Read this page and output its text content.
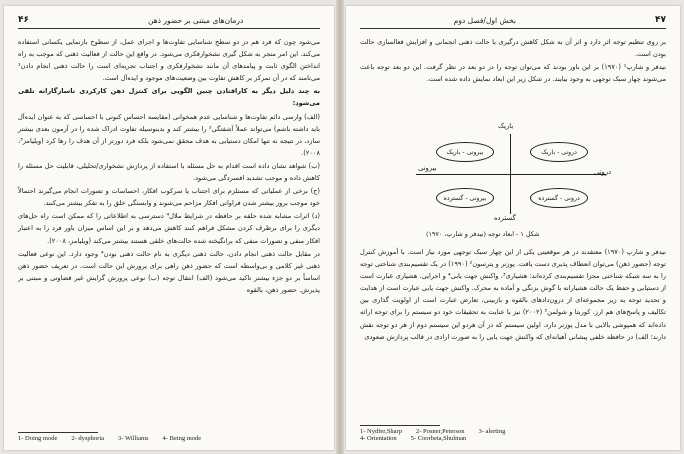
۴۶	درمان‌های مبتنی بر حضور ذهن

می‌شود چون که فرد هم در دو سطح شناسایی تفاوت‌ها و اجرای عمل، از سطوح بازنمایی یکسانی استفاده می‌کند. این امر منجر به شکل گیری نشخوارفکری می‌شود. در واقع این حالت از فعالیت ذهنی که موجب به راه انداختن الگوی ثابت و پیامدهای آن مانند نشخوارفکری و اجتناب تجربه‌ای است را حالت ذهنی انجام دادن¹ می‌نامند که در آن تمرکز بر کاهش تفاوت بین وضعیت‌های موجود و ایده‌آل است.

به چند دلیل دیگر به کارافتادن چنین الگویی برای کنترل ذهن کارکردی ناسازگارانه تلقی می‌شود:

(الف) وارسی دائم تفاوت‌ها و شناسایی عدم همخوانی (مقایسه احساس کنونی با احساسی که به عنوان ایده‌آل باید داشته باشم) می‌تواند عملاً آشفتگی² را بیشتر کند و بدینوسیله تفاوت ادراک شده را در آزمون بعدی بیشتر سازد، در نتیجه نه تنها امکان دستیابی به هدف محقق نمی‌شود بلکه فرد دورتر از آن هدف را رها کرد (ویلیامز³، ۲۰۰۸).

(ب) شواهد نشان داده است اقدام به حل مسئله با استفاده از پردازش نشخواری/تحلیلی، قابلیت حل مسئله را کاهش داده و موجب تشدید افسردگی می‌شود.

(ج) برخی از عملیاتی که مستلزم برای اجتناب یا سرکوب افکار، احساسات و تصورات انجام می‌گیرند احتمالاً خود موجب بروز بیشتر شدن فراوانی افکار مزاحم می‌شوند و وابستگی خلق را به تفکر بیشتر می‌کنند.

(د) اثرات مشابه شده حلقه بر حافظه در شرایط ملال⁴ دسترسی به اطلاعاتی را که ممکن است راه حل‌های دیگری را برای برطرف کردن مشکل فراهم کنند کاهش می‌دهد و بر این اساس میزان باور فرد را به اعتبار افکار منفی و تصورات منفی که برانگیخته شده حالت‌های خلقی هستند بیشتر می‌کند (ویلیامز، ۲۰۰۸).

در مقابل حالت ذهنی انجام دادن، حالت ذهنی دیگری به نام حالت ذهنی بودن⁴ وجود دارد. این نوعی فعالیت ذهنی غیر کلامی و بی‌واسطه است که حضور ذهن راهی برای پرورش این حالت است. در تعریف حضور ذهن اساساً بر دو جزء بیشتر تاکید می‌شود (الف) انتقال توجه (ب) نوعی پرورش گرایش غیر قضاوتی و مبتنی بر پذیرش. حضور ذهن، بالقوه

1- Doing mode 2- dysphoria 3- Williams 4- Being mode
۴۷
بخش اول/فصل دوم

بر روی تنظیم توجه اثر دارد و اثر آن به شکل کاهش درگیری با حالت ذهنی انجمانی و افزایش فعالسازی حالت بودن است.

نیدفر و شارپ¹ (۱۹۷۰) بر این باور بودند که می‌توان توجه را در دو بعد در نظر گرفت. این دو بعد توجه باعث می‌شوند چهار سبک توجهی به وجود بیایند. در شکل زیر این ابعاد نمایش داده شده است.

باریک
گسترده
درونی
بیرونی
درونی - باریک
بیرونی - باریک
درونی - گسترده
بیرونی - گسترده
شکل ۱ - ابعاد توجه (نیدفر و شارپ، ۱۹۷۰)

نیدفر و شارپ (۱۹۷۰) معتقدند در هر موقعیتی یکی از این چهار سبک توجهی مورد نیاز است. با آموزش کنترل توجه (حضور ذهن) می‌توان انعطاف پذیری دست یافت. پوزنر و پترسون² (۱۹۹۰) در یک تقسیم‌بندی شناختی توجه را به سه شبکه شناختی مجزا تقسیم‌بندی کرده‌اند: هشیاری³، واکنش جهت یابی⁴ و اجرایی. هشیاری عبارت است از دستیابی و حفظ یک حالت هشیارانه با گوش بزنگی و آماده به محرک. واکنش جهت یابی عبارت است از هدایت و تحدید توجه به زیر مجموعه‌ای از درون‌دادهای بالقوه و بازبینی، تعارض عبارت است از اولویت گذاری بین تکالیف و پاسخ‌های هم ارز. کوربتا و شولمن⁵ (۲۰۰۲) نیز با عنایت به تحقیقات خود دو سیستم را برای توجه ارائه داده‌اند که همپوشی بالایی با مدل پوزنر دارد. اولین سیستم که در آن هردو این سیستم دوم از هر دو توجه نقش دارند؛ الف) در حافظه خلفی پیشانی آهیانه‌ای که واکنش جهت یابی را به صورت ارادی در قالب پردازش صعودی

1- Nydfer,Sharp 2- Posner,Peterson 3- alerting
4- Orientation 5- Coorbeta,Shulman
